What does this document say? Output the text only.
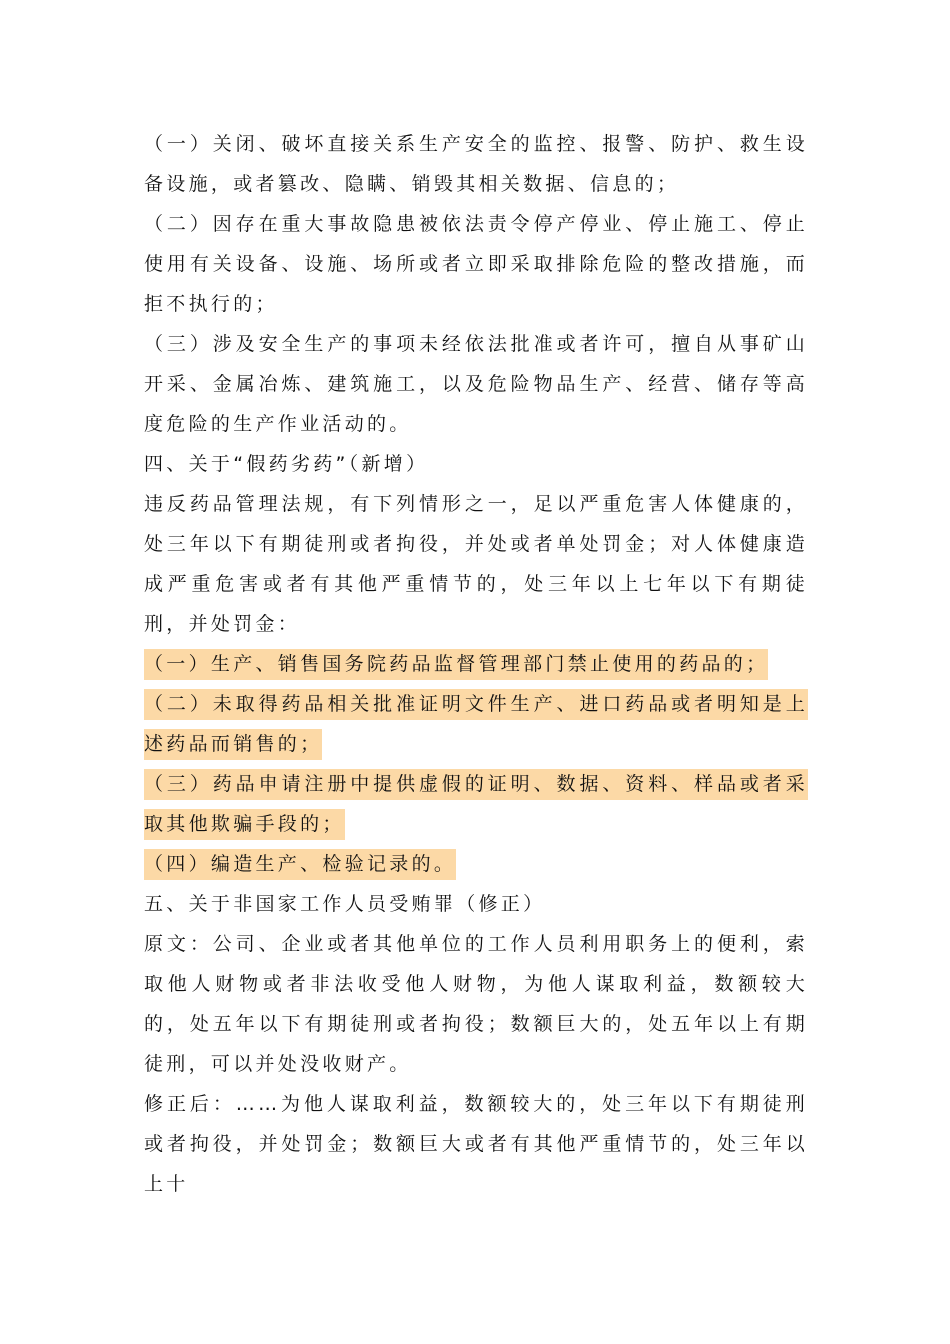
（一）关闭、破坏直接关系生产安全的监控、报警、防护、救生设备设施，或者篡改、隐瞒、销毁其相关数据、信息的；

（二）因存在重大事故隐患被依法责令停产停业、停止施工、停止使用有关设备、设施、场所或者立即采取排除危险的整改措施，而拒不执行的；

（三）涉及安全生产的事项未经依法批准或者许可，擅自从事矿山开采、金属冶炼、建筑施工，以及危险物品生产、经营、储存等高度危险的生产作业活动的。

四、关于“假药劣药”（新增）

违反药品管理法规，有下列情形之一，足以严重危害人体健康的，处三年以下有期徒刑或者拘役，并处或者单处罚金；对人体健康造成严重危害或者有其他严重情节的，处三年以上七年以下有期徒刑，并处罚金：

（一）生产、销售国务院药品监督管理部门禁止使用的药品的；

（二）未取得药品相关批准证明文件生产、进口药品或者明知是上述药品而销售的；

（三）药品申请注册中提供虚假的证明、数据、资料、样品或者采取其他欺骗手段的；

（四）编造生产、检验记录的。

五、关于非国家工作人员受贿罪（修正）

原文：公司、企业或者其他单位的工作人员利用职务上的便利，索取他人财物或者非法收受他人财物，为他人谋取利益，数额较大的，处五年以下有期徒刑或者拘役；数额巨大的，处五年以上有期徒刑，可以并处没收财产。

修正后：……为他人谋取利益，数额较大的，处三年以下有期徒刑或者拘役，并处罚金；数额巨大或者有其他严重情节的，处三年以上十
